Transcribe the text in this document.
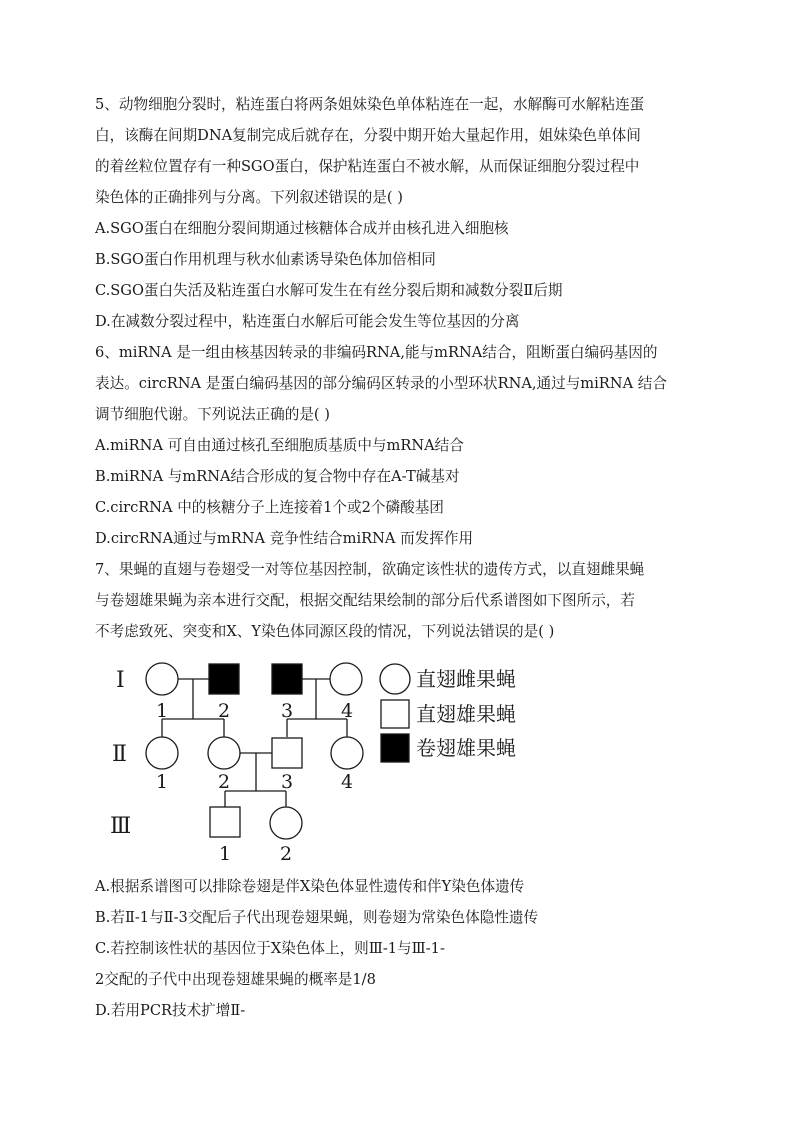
5、动物细胞分裂时，粘连蛋白将两条姐妹染色单体粘连在一起，水解酶可水解粘连蛋
白，该酶在间期DNA复制完成后就存在，分裂中期开始大量起作用，姐妹染色单体间
的着丝粒位置存有一种SGO蛋白，保护粘连蛋白不被水解，从而保证细胞分裂过程中
染色体的正确排列与分离。下列叙述错误的是( )
A.SGO蛋白在细胞分裂间期通过核糖体合成并由核孔进入细胞核
B.SGO蛋白作用机理与秋水仙素诱导染色体加倍相同
C.SGO蛋白失活及粘连蛋白水解可发生在有丝分裂后期和减数分裂Ⅱ后期
D.在减数分裂过程中，粘连蛋白水解后可能会发生等位基因的分离
6、miRNA 是一组由核基因转录的非编码RNA,能与mRNA结合，阻断蛋白编码基因的
表达。circRNA 是蛋白编码基因的部分编码区转录的小型环状RNA,通过与miRNA 结合
调节细胞代谢。下列说法正确的是( )
A.miRNA 可自由通过核孔至细胞质基质中与mRNA结合
B.miRNA 与mRNA结合形成的复合物中存在A-T碱基对
C.circRNA 中的核糖分子上连接着1个或2个磷酸基团
D.circRNA通过与mRNA 竞争性结合miRNA 而发挥作用
7、果蝇的直翅与卷翅受一对等位基因控制，欲确定该性状的遗传方式，以直翅雌果蝇
与卷翅雄果蝇为亲本进行交配，根据交配结果绘制的部分后代系谱图如下图所示，若
不考虑致死、突变和X、Y染色体同源区段的情况，下列说法错误的是( )
Ⅰ
Ⅱ
Ⅲ
1	2	3	4
1	2	3	4
1	2
直翅雌果蝇
直翅雄果蝇
卷翅雄果蝇
A.根据系谱图可以排除卷翅是伴X染色体显性遗传和伴Y染色体遗传
B.若Ⅱ-1与Ⅱ-3交配后子代出现卷翅果蝇，则卷翅为常染色体隐性遗传
C.若控制该性状的基因位于X染色体上，则Ⅲ-1与Ⅲ-1-
2交配的子代中出现卷翅雄果蝇的概率是1/8
D.若用PCR技术扩增Ⅱ-
